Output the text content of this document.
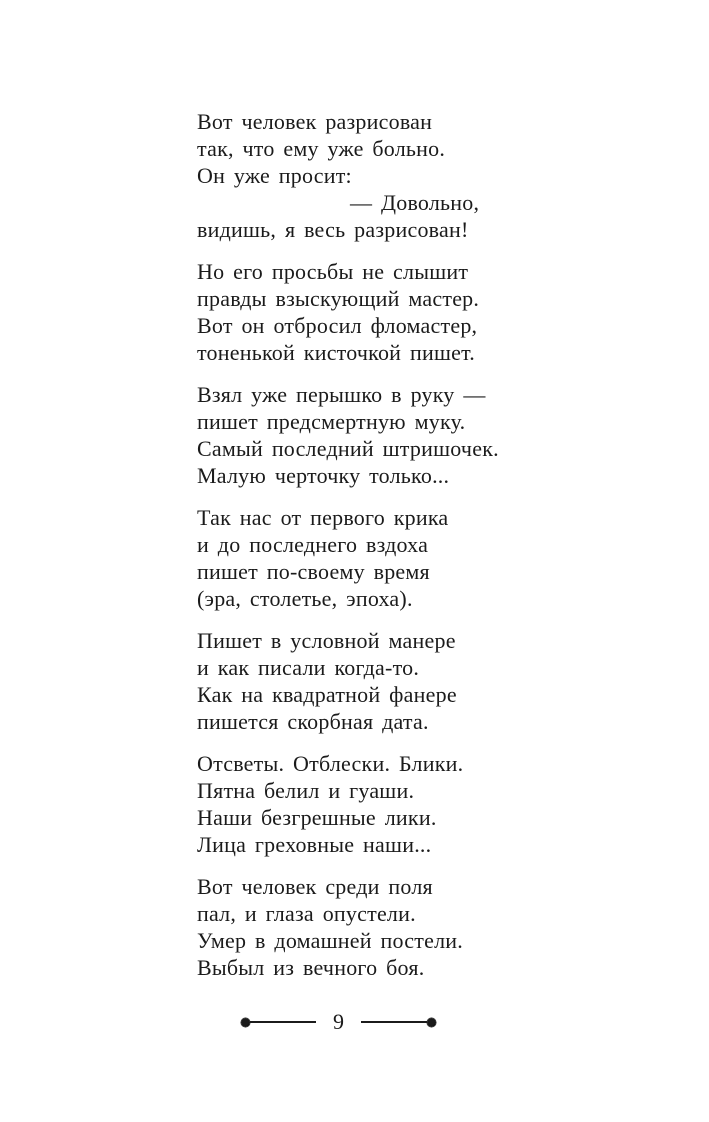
Вот человек разрисован
так, что ему уже больно.
Он уже просит:
— Довольно,
видишь, я весь разрисован!
Но его просьбы не слышит
правды взыскующий мастер.
Вот он отбросил фломастер,
тоненькой кисточкой пишет.
Взял уже перышко в руку —
пишет предсмертную муку.
Самый последний штришочек.
Малую черточку только...
Так нас от первого крика
и до последнего вздоха
пишет по-своему время
(эра, столетье, эпоха).
Пишет в условной манере
и как писали когда-то.
Как на квадратной фанере
пишется скорбная дата.
Отсветы. Отблески. Блики.
Пятна белил и гуаши.
Наши безгрешные лики.
Лица греховные наши...
Вот человек среди поля
пал, и глаза опустели.
Умер в домашней постели.
Выбыл из вечного боя.
9
